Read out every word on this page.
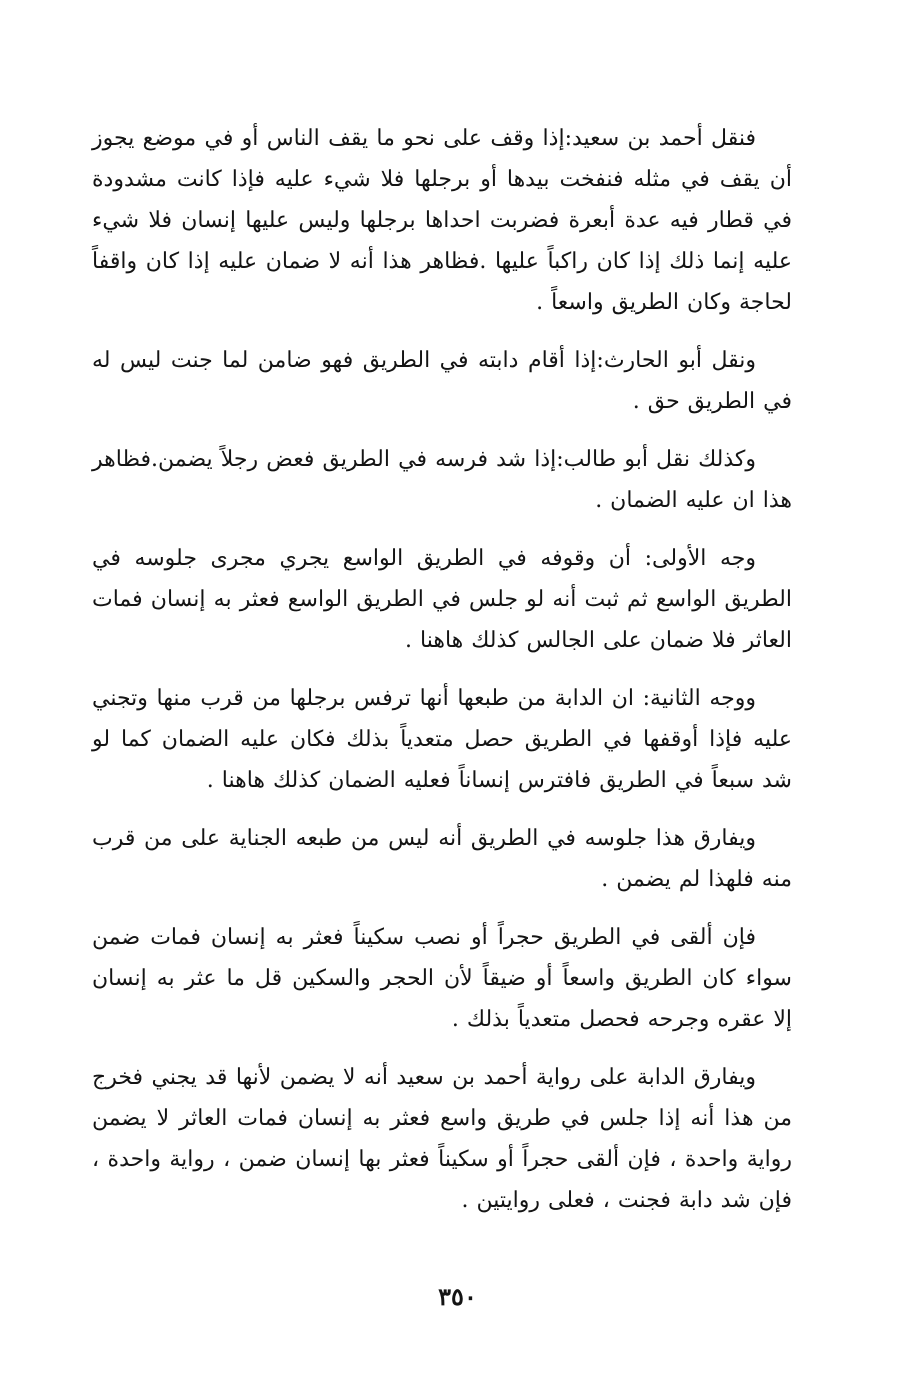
فنقل أحمد بن سعيد:إذا وقف على نحو ما يقف الناس أو في موضع يجوز أن يقف في مثله فنفخت بيدها أو برجلها فلا شيء عليه فإذا كانت مشدودة في قطار فيه عدة أبعرة فضربت احداها برجلها وليس عليها إنسان فلا شيء عليه إنما ذلك إذا كان راكباً عليها .فظاهر هذا أنه لا ضمان عليه إذا كان واقفاً لحاجة وكان الطريق واسعاً .

ونقل أبو الحارث:إذا أقام دابته في الطريق فهو ضامن لما جنت ليس له في الطريق حق .

وكذلك نقل أبو طالب:إذا شد فرسه في الطريق فعض رجلاً يضمن.فظاهر هذا ان عليه الضمان .

وجه الأولى: أن وقوفه في الطريق الواسع يجري مجرى جلوسه في الطريق الواسع ثم ثبت أنه لو جلس في الطريق الواسع فعثر به إنسان فمات العاثر فلا ضمان على الجالس كذلك هاهنا .

ووجه الثانية: ان الدابة من طبعها أنها ترفس برجلها من قرب منها وتجني عليه فإذا أوقفها في الطريق حصل متعدياً بذلك فكان عليه الضمان كما لو شد سبعاً في الطريق فافترس إنساناً فعليه الضمان كذلك هاهنا .

ويفارق هذا جلوسه في الطريق أنه ليس من طبعه الجناية على من قرب منه فلهذا لم يضمن .

فإن ألقى في الطريق حجراً أو نصب سكيناً فعثر به إنسان فمات ضمن سواء كان الطريق واسعاً أو ضيقاً لأن الحجر والسكين قل ما عثر به إنسان إلا عقره وجرحه فحصل متعدياً بذلك .

ويفارق الدابة على رواية أحمد بن سعيد أنه لا يضمن لأنها قد يجني فخرج من هذا أنه إذا جلس في طريق واسع فعثر به إنسان فمات العاثر لا يضمن رواية واحدة ، فإن ألقى حجراً أو سكيناً فعثر بها إنسان ضمن ، رواية واحدة ، فإن شد دابة فجنت ، فعلى روايتين .

٣٥٠
